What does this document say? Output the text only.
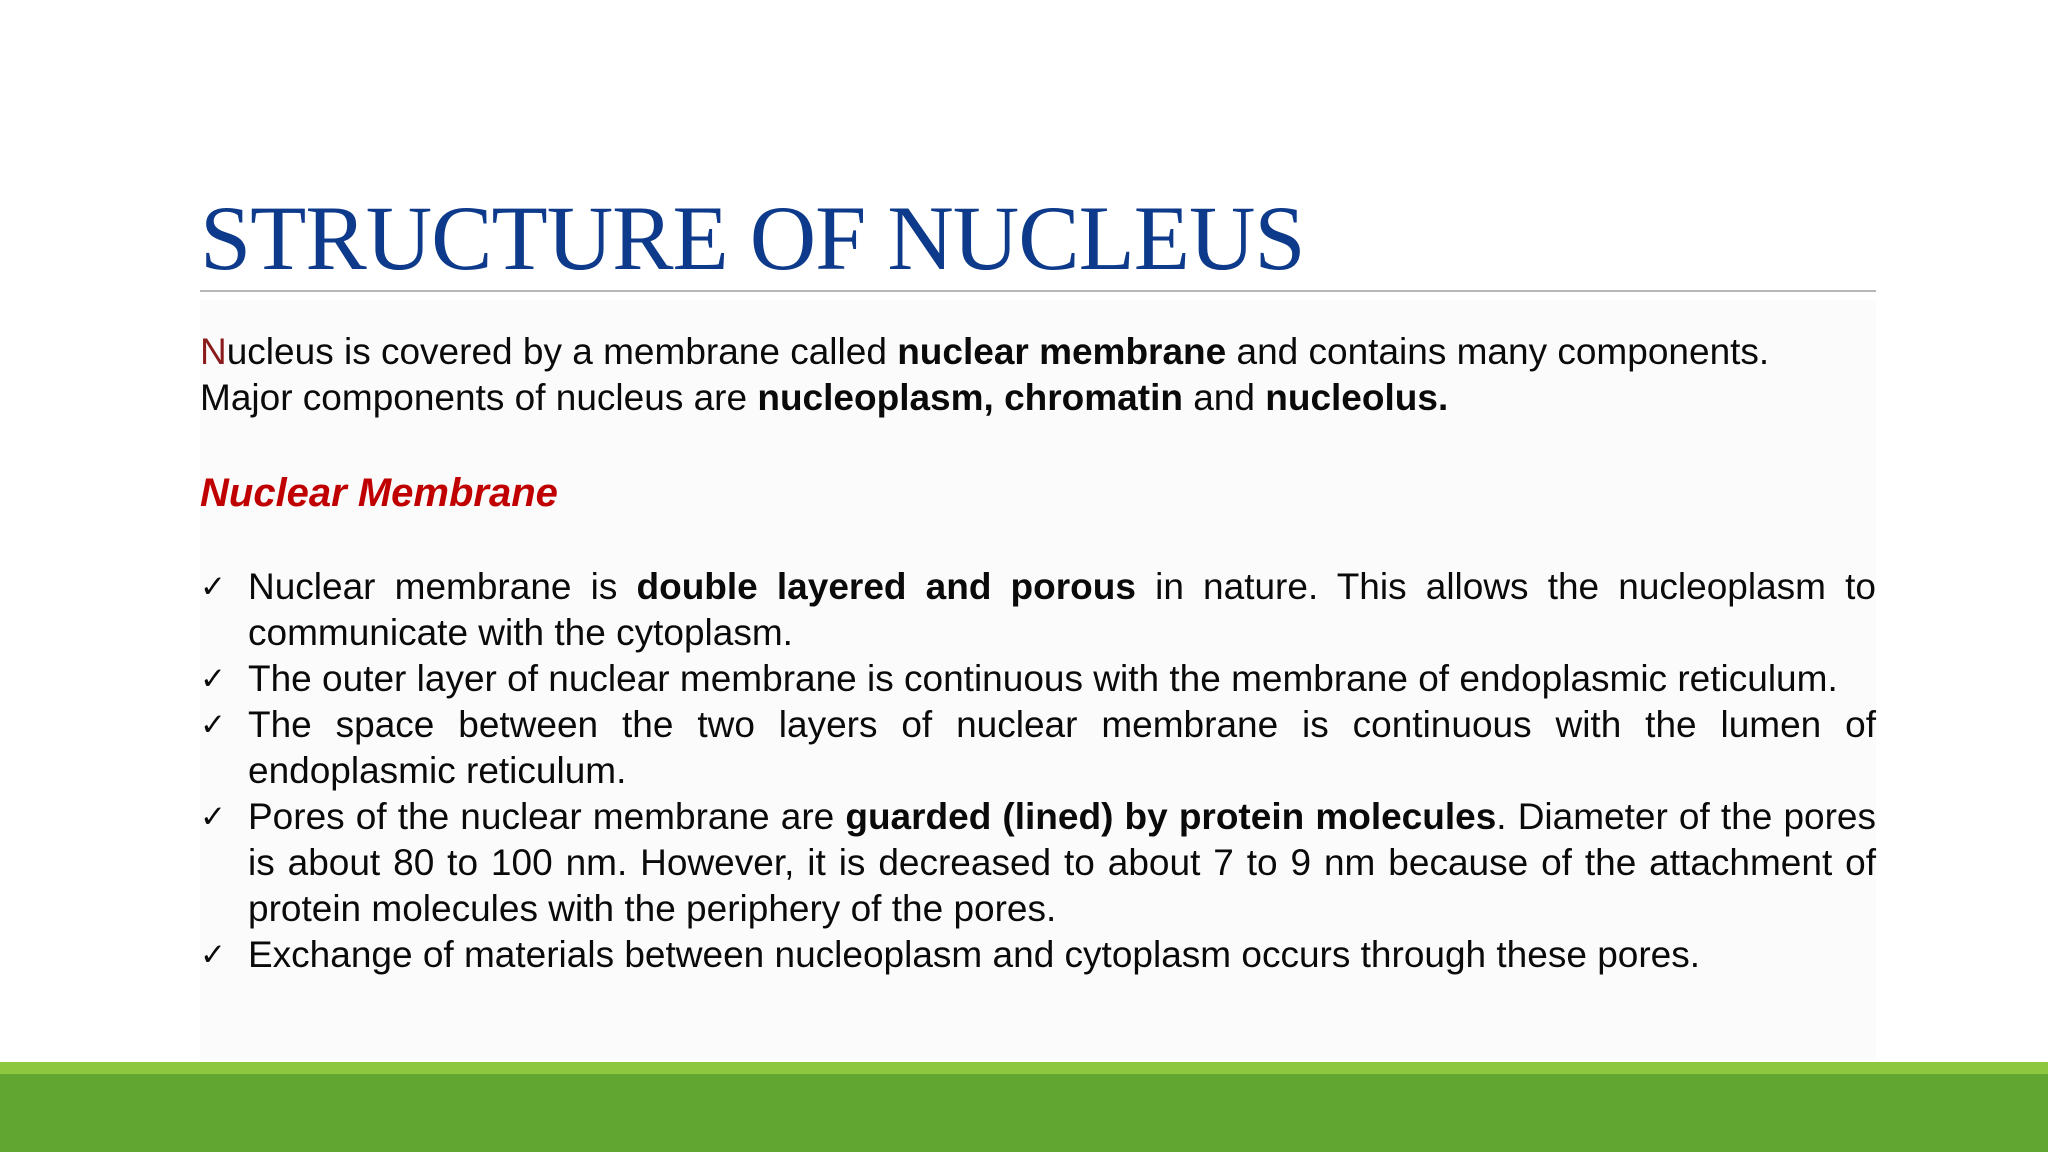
STRUCTURE OF NUCLEUS

Nucleus is covered by a membrane called nuclear membrane and contains many components.

Major components of nucleus are nucleoplasm, chromatin and nucleolus.

Nuclear Membrane
✓ Nuclear membrane is double layered and porous in nature. This allows the nucleoplasm to communicate with the cytoplasm.
✓ The outer layer of nuclear membrane is continuous with the membrane of endoplasmic reticulum.
✓ The space between the two layers of nuclear membrane is continuous with the lumen of endoplasmic reticulum.
✓ Pores of the nuclear membrane are guarded (lined) by protein molecules. Diameter of the pores is about 80 to 100 nm. However, it is decreased to about 7 to 9 nm because of the attachment of protein molecules with the periphery of the pores.
✓ Exchange of materials between nucleoplasm and cytoplasm occurs through these pores.
